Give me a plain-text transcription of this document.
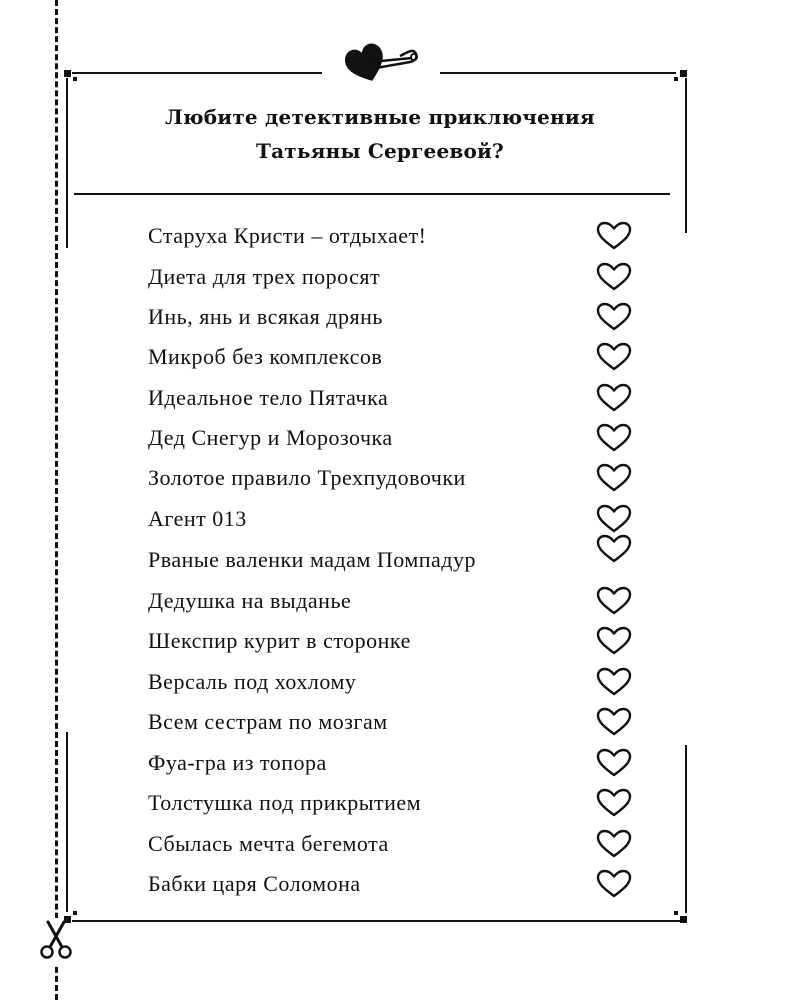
Любите детективные приключения
Татьяны Сергеевой?
Старуха Кристи – отдыхает!
Диета для трех поросят
Инь, янь и всякая дрянь
Микроб без комплексов
Идеальное тело Пятачка
Дед Снегур и Морозочка
Золотое правило Трехпудовочки
Агент 013
Рваные валенки мадам Помпадур
Дедушка на выданье
Шекспир курит в сторонке
Версаль под хохлому
Всем сестрам по мозгам
Фуа-гра из топора
Толстушка под прикрытием
Сбылась мечта бегемота
Бабки царя Соломона
